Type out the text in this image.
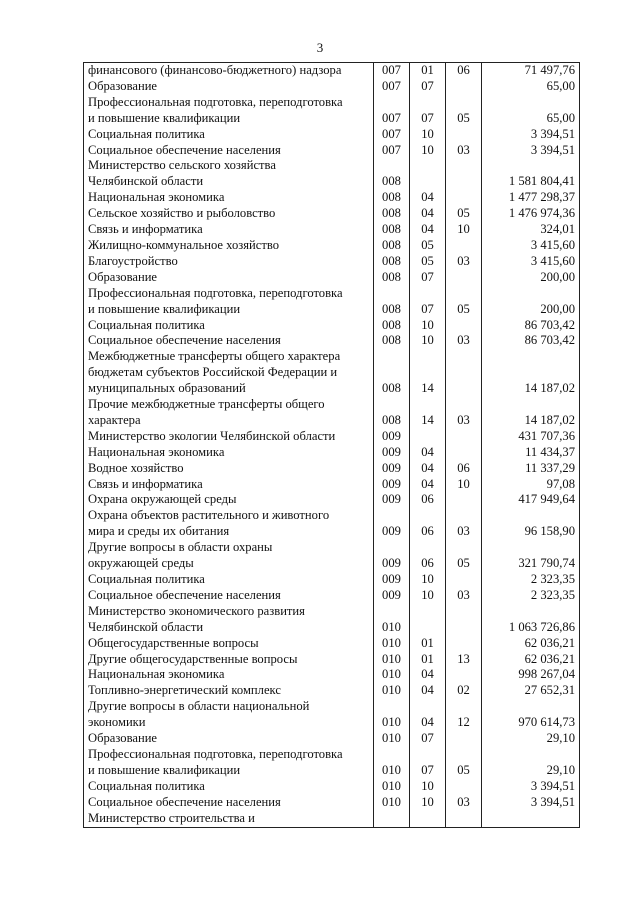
3
финансового (финансово-бюджетного) надзора	007	01	06	71 497,76
Образование	007	07		65,00
Профессиональная подготовка, переподготовка				
и повышение квалификации	007	07	05	65,00
Социальная политика	007	10		3 394,51
Социальное обеспечение населения	007	10	03	3 394,51
Министерство сельского хозяйства				
Челябинской области	008			1 581 804,41
Национальная экономика	008	04		1 477 298,37
Сельское хозяйство и рыболовство	008	04	05	1 476 974,36
Связь и информатика	008	04	10	324,01
Жилищно-коммунальное хозяйство	008	05		3 415,60
Благоустройство	008	05	03	3 415,60
Образование	008	07		200,00
Профессиональная подготовка, переподготовка				
и повышение квалификации	008	07	05	200,00
Социальная политика	008	10		86 703,42
Социальное обеспечение населения	008	10	03	86 703,42
Межбюджетные трансферты общего характера				
бюджетам субъектов Российской Федерации и				
муниципальных образований	008	14		14 187,02
Прочие межбюджетные трансферты общего				
характера	008	14	03	14 187,02
Министерство экологии Челябинской области	009			431 707,36
Национальная экономика	009	04		11 434,37
Водное хозяйство	009	04	06	11 337,29
Связь и информатика	009	04	10	97,08
Охрана окружающей среды	009	06		417 949,64
Охрана объектов растительного и животного				
мира и среды их обитания	009	06	03	96 158,90
Другие вопросы в области охраны				
окружающей среды	009	06	05	321 790,74
Социальная политика	009	10		2 323,35
Социальное обеспечение населения	009	10	03	2 323,35
Министерство экономического развития				
Челябинской области	010			1 063 726,86
Общегосударственные вопросы	010	01		62 036,21
Другие общегосударственные вопросы	010	01	13	62 036,21
Национальная экономика	010	04		998 267,04
Топливно-энергетический комплекс	010	04	02	27 652,31
Другие вопросы в области национальной				
экономики	010	04	12	970 614,73
Образование	010	07		29,10
Профессиональная подготовка, переподготовка				
и повышение квалификации	010	07	05	29,10
Социальная политика	010	10		3 394,51
Социальное обеспечение населения	010	10	03	3 394,51
Министерство строительства и				
